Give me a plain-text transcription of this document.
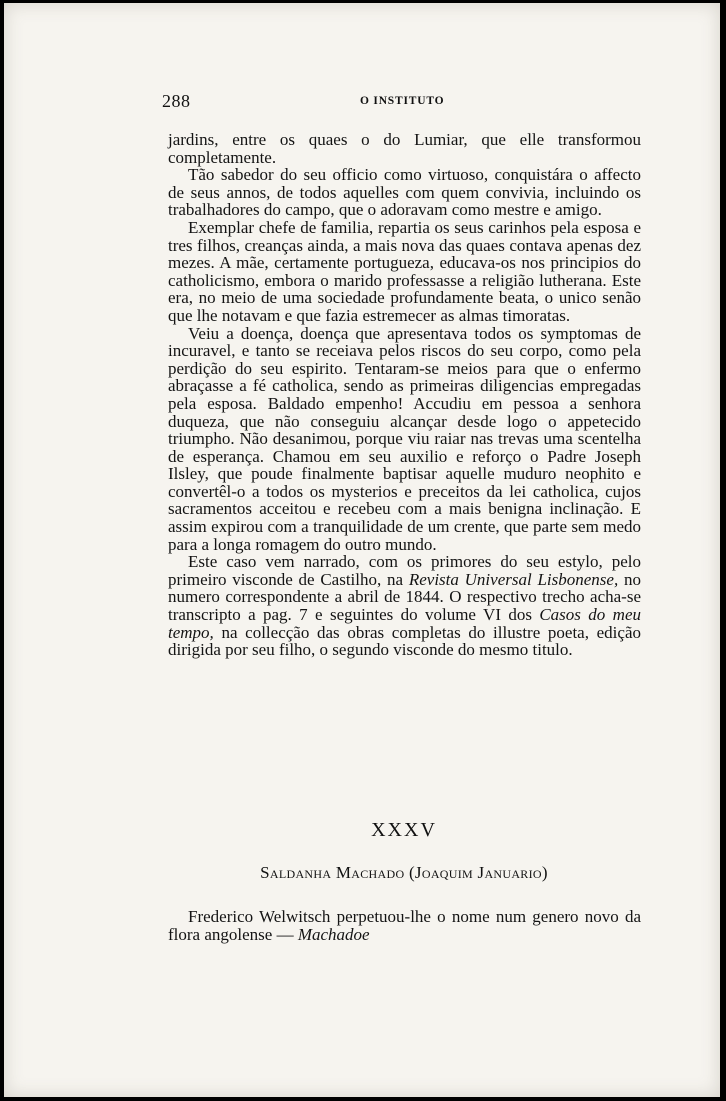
288	O INSTITUTO

jardins, entre os quaes o do Lumiar, que elle transformou completamente.

Tão sabedor do seu officio como virtuoso, conquistára o affecto de seus annos, de todos aquelles com quem convivia, incluindo os trabalhadores do campo, que o adoravam como mestre e amigo.

Exemplar chefe de familia, repartia os seus carinhos pela esposa e tres filhos, creanças ainda, a mais nova das quaes contava apenas dez mezes. A mãe, certamente portugueza, educava-os nos principios do catholicismo, embora o marido professasse a religião lutherana. Este era, no meio de uma sociedade profundamente beata, o unico senão que lhe notavam e que fazia estremecer as almas timoratas.

Veiu a doença, doença que apresentava todos os symptomas de incuravel, e tanto se receiava pelos riscos do seu corpo, como pela perdição do seu espirito. Tentaram-se meios para que o enfermo abraçasse a fé catholica, sendo as primeiras diligencias empregadas pela esposa. Baldado empenho! Accudiu em pessoa a senhora duqueza, que não conseguiu alcançar desde logo o appetecido triumpho. Não desanimou, porque viu raiar nas trevas uma scentelha de esperança. Chamou em seu auxilio e reforço o Padre Joseph Ilsley, que poude finalmente baptisar aquelle muduro neophito e convertêl-o a todos os mysterios e preceitos da lei catholica, cujos sacramentos acceitou e recebeu com a mais benigna inclinação. E assim expirou com a tranquilidade de um crente, que parte sem medo para a longa romagem do outro mundo.

Este caso vem narrado, com os primores do seu estylo, pelo primeiro visconde de Castilho, na Revista Universal Lisbonense, no numero correspondente a abril de 1844. O respectivo trecho acha-se transcripto a pag. 7 e seguintes do volume VI dos Casos do meu tempo, na collecção das obras completas do illustre poeta, edição dirigida por seu filho, o segundo visconde do mesmo titulo.

XXXV
Saldanha Machado (Joaquim Januario)

Frederico Welwitsch perpetuou-lhe o nome num genero novo da flora angolense — Machadoe
